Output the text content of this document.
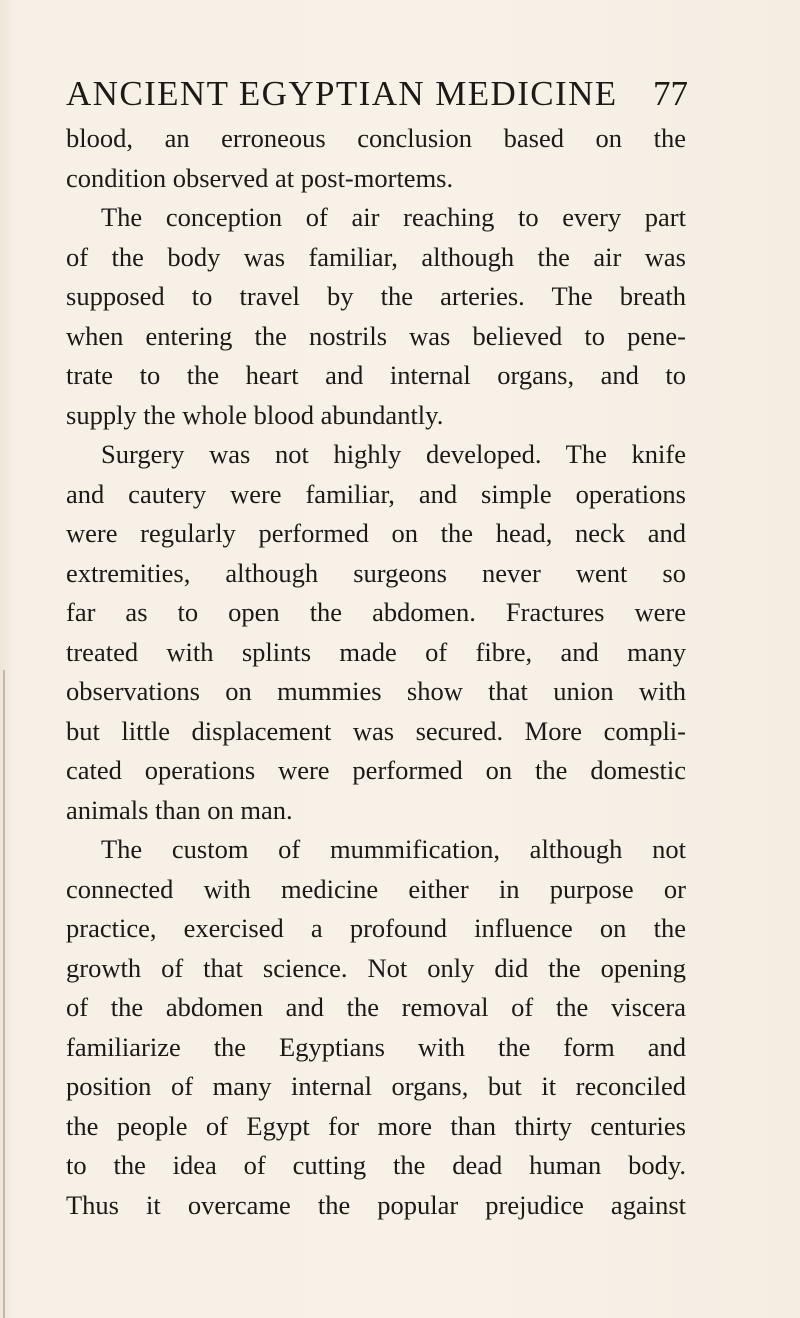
ANCIENT EGYPTIAN MEDICINE 77
blood, an erroneous conclusion based on the
condition observed at post-mortems.
The conception of air reaching to every part
of the body was familiar, although the air was
supposed to travel by the arteries. The breath
when entering the nostrils was believed to pene-
trate to the heart and internal organs, and to
supply the whole blood abundantly.
Surgery was not highly developed. The knife
and cautery were familiar, and simple operations
were regularly performed on the head, neck and
extremities, although surgeons never went so
far as to open the abdomen. Fractures were
treated with splints made of fibre, and many
observations on mummies show that union with
but little displacement was secured. More compli-
cated operations were performed on the domestic
animals than on man.
The custom of mummification, although not
connected with medicine either in purpose or
practice, exercised a profound influence on the
growth of that science. Not only did the opening
of the abdomen and the removal of the viscera
familiarize the Egyptians with the form and
position of many internal organs, but it reconciled
the people of Egypt for more than thirty centuries
to the idea of cutting the dead human body.
Thus it overcame the popular prejudice against
